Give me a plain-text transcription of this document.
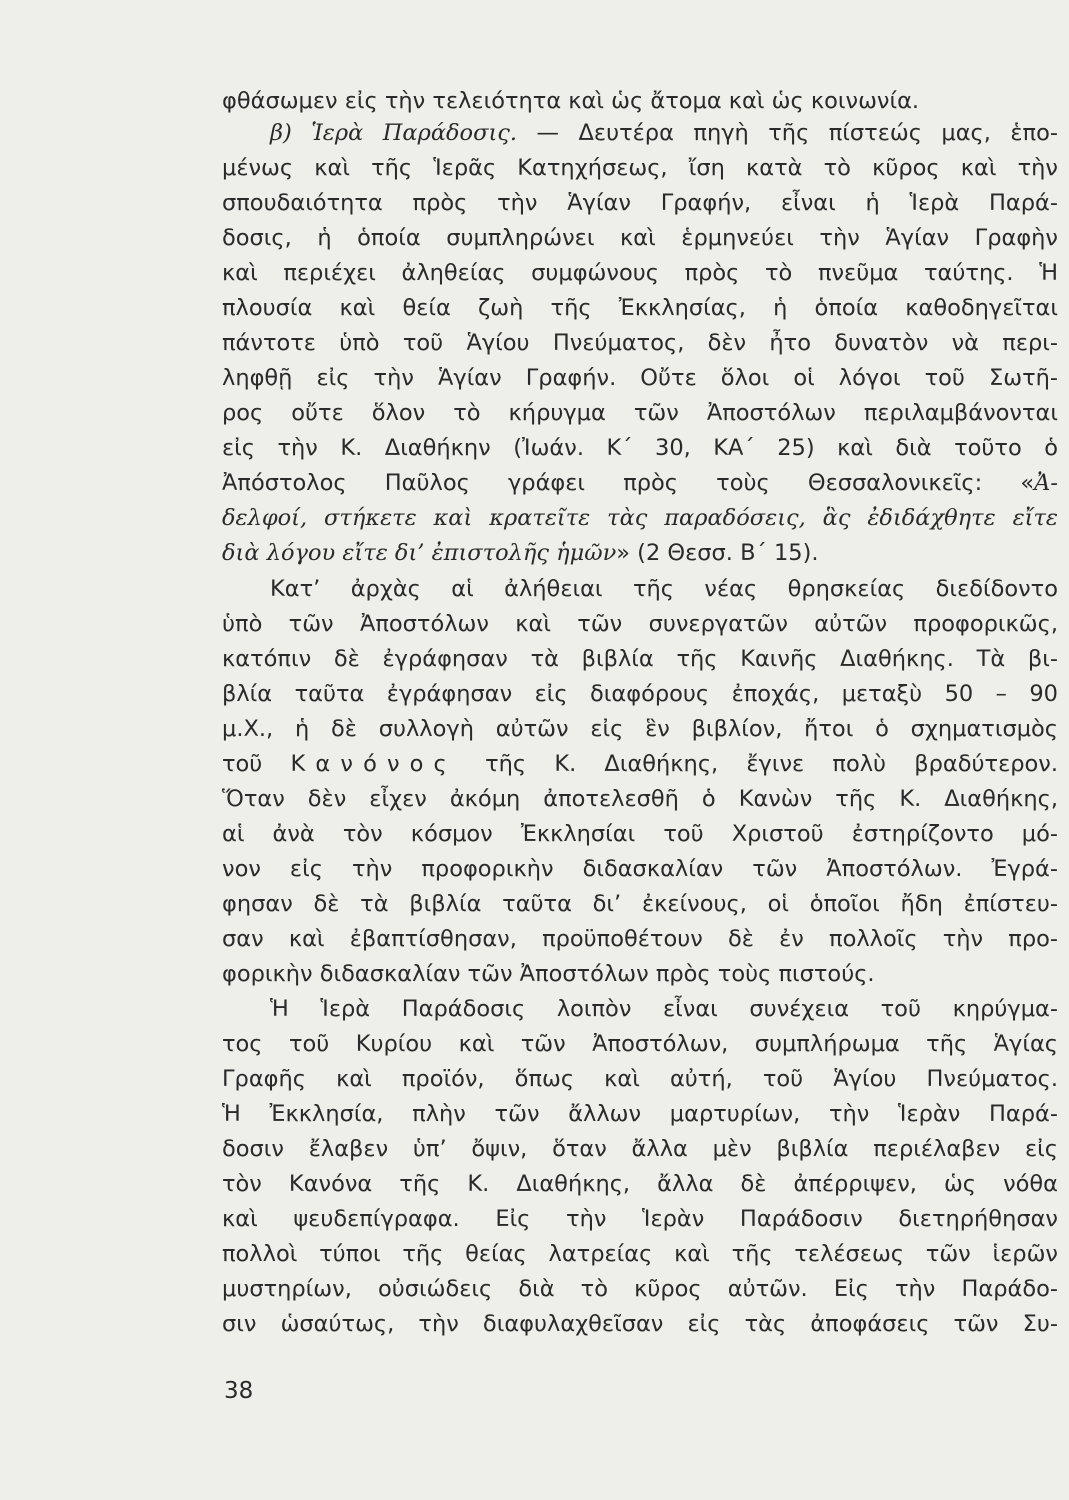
φθάσωμεν εἰς τὴν τελειότητα καὶ ὡς ἄτομα καὶ ὡς κοινωνία.
β) Ἱερὰ Παράδοσις. — Δευτέρα πηγὴ τῆς πίστεώς μας, ἑπο-
μένως καὶ τῆς Ἱερᾶς Κατηχήσεως, ἴση κατὰ τὸ κῦρος καὶ τὴν
σπουδαιότητα πρὸς τὴν Ἁγίαν Γραφήν, εἶναι ἡ Ἱερὰ Παρά-
δοσις, ἡ ὁποία συμπληρώνει καὶ ἑρμηνεύει τὴν Ἁγίαν Γραφὴν
καὶ περιέχει ἀληθείας συμφώνους πρὸς τὸ πνεῦμα ταύτης. Ἡ
πλουσία καὶ θεία ζωὴ τῆς Ἐκκλησίας, ἡ ὁποία καθοδηγεῖται
πάντοτε ὑπὸ τοῦ Ἁγίου Πνεύματος, δὲν ἦτο δυνατὸν νὰ περι-
ληφθῇ εἰς τὴν Ἁγίαν Γραφήν. Οὔτε ὅλοι οἱ λόγοι τοῦ Σωτῆ-
ρος οὔτε ὅλον τὸ κήρυγμα τῶν Ἀποστόλων περιλαμβάνονται
εἰς τὴν Κ. Διαθήκην (Ἰωάν. Κ΄ 30, ΚΑ΄ 25) καὶ διὰ τοῦτο ὁ
Ἀπόστολος Παῦλος γράφει πρὸς τοὺς Θεσσαλονικεῖς: «Ἀ-
δελφοί, στήκετε καὶ κρατεῖτε τὰς παραδόσεις, ἃς ἐδιδάχθητε εἴτε
διὰ λόγου εἴτε δι’ ἐπιστολῆς ἡμῶν» (2 Θεσσ. Β΄ 15).
Κατ’ ἀρχὰς αἱ ἀλήθειαι τῆς νέας θρησκείας διεδίδοντο
ὑπὸ τῶν Ἀποστόλων καὶ τῶν συνεργατῶν αὐτῶν προφορικῶς,
κατόπιν δὲ ἐγράφησαν τὰ βιβλία τῆς Καινῆς Διαθήκης. Τὰ βι-
βλία ταῦτα ἐγράφησαν εἰς διαφόρους ἐποχάς, μεταξὺ 50 – 90
μ.Χ., ἡ δὲ συλλογὴ αὐτῶν εἰς ἓν βιβλίον, ἤτοι ὁ σχηματισμὸς
τοῦ Κανόνος τῆς Κ. Διαθήκης, ἔγινε πολὺ βραδύτερον.
Ὅταν δὲν εἶχεν ἀκόμη ἀποτελεσθῆ ὁ Κανὼν τῆς Κ. Διαθήκης,
αἱ ἀνὰ τὸν κόσμον Ἐκκλησίαι τοῦ Χριστοῦ ἐστηρίζοντο μό-
νον εἰς τὴν προφορικὴν διδασκαλίαν τῶν Ἀποστόλων. Ἐγρά-
φησαν δὲ τὰ βιβλία ταῦτα δι’ ἐκείνους, οἱ ὁποῖοι ἤδη ἐπίστευ-
σαν καὶ ἐβαπτίσθησαν, προϋποθέτουν δὲ ἐν πολλοῖς τὴν προ-
φορικὴν διδασκαλίαν τῶν Ἀποστόλων πρὸς τοὺς πιστούς.
Ἡ Ἱερὰ Παράδοσις λοιπὸν εἶναι συνέχεια τοῦ κηρύγμα-
τος τοῦ Κυρίου καὶ τῶν Ἀποστόλων, συμπλήρωμα τῆς Ἁγίας
Γραφῆς καὶ προϊόν, ὅπως καὶ αὐτή, τοῦ Ἁγίου Πνεύματος.
Ἡ Ἐκκλησία, πλὴν τῶν ἄλλων μαρτυρίων, τὴν Ἱερὰν Παρά-
δοσιν ἔλαβεν ὑπ’ ὄψιν, ὅταν ἄλλα μὲν βιβλία περιέλαβεν εἰς
τὸν Κανόνα τῆς Κ. Διαθήκης, ἄλλα δὲ ἀπέρριψεν, ὡς νόθα
καὶ ψευδεπίγραφα. Εἰς τὴν Ἱερὰν Παράδοσιν διετηρήθησαν
πολλοὶ τύποι τῆς θείας λατρείας καὶ τῆς τελέσεως τῶν ἱερῶν
μυστηρίων, οὐσιώδεις διὰ τὸ κῦρος αὐτῶν. Εἰς τὴν Παράδο-
σιν ὡσαύτως, τὴν διαφυλαχθεῖσαν εἰς τὰς ἀποφάσεις τῶν Συ-
38
